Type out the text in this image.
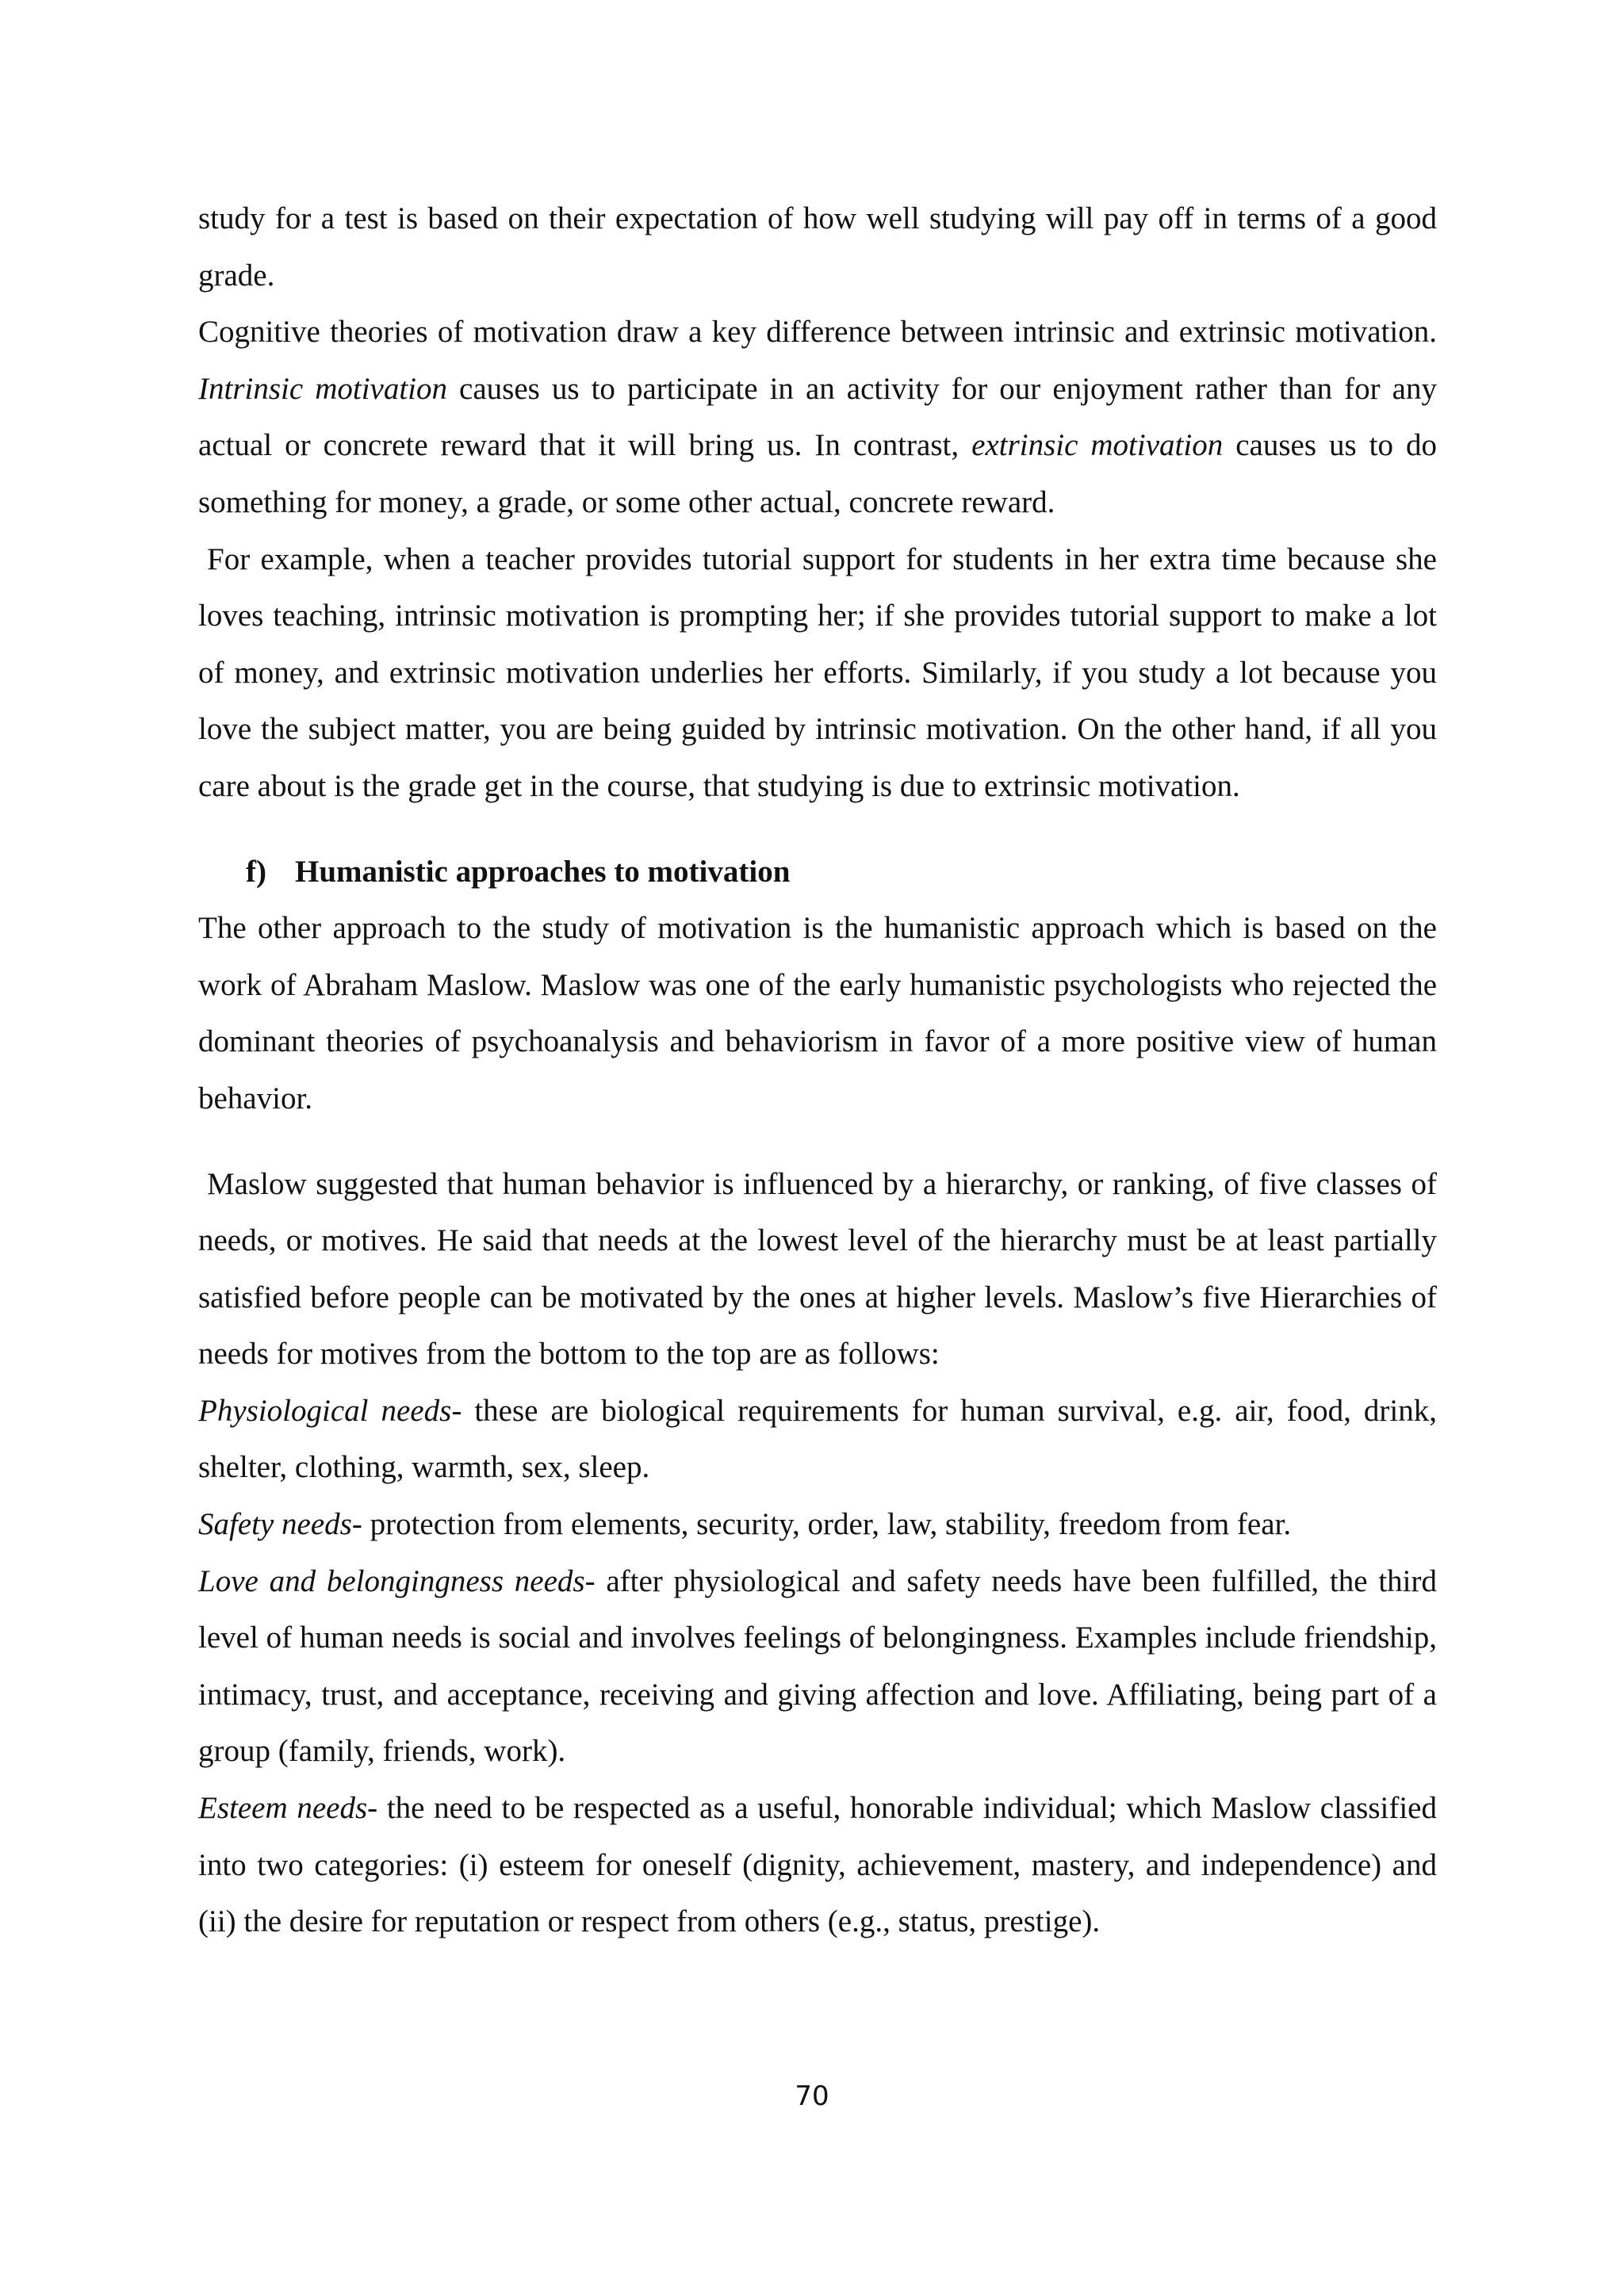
study for a test is based on their expectation of how well studying will pay off in terms of a good grade.

Cognitive theories of motivation draw a key difference between intrinsic and extrinsic motivation. Intrinsic motivation causes us to participate in an activity for our enjoyment rather than for any actual or concrete reward that it will bring us. In contrast, extrinsic motivation causes us to do something for money, a grade, or some other actual, concrete reward.

For example, when a teacher provides tutorial support for students in her extra time because she loves teaching, intrinsic motivation is prompting her; if she provides tutorial support to make a lot of money, and extrinsic motivation underlies her efforts. Similarly, if you study a lot because you love the subject matter, you are being guided by intrinsic motivation. On the other hand, if all you care about is the grade get in the course, that studying is due to extrinsic motivation.

f) Humanistic approaches to motivation

The other approach to the study of motivation is the humanistic approach which is based on the work of Abraham Maslow. Maslow was one of the early humanistic psychologists who rejected the dominant theories of psychoanalysis and behaviorism in favor of a more positive view of human behavior.

Maslow suggested that human behavior is influenced by a hierarchy, or ranking, of five classes of needs, or motives. He said that needs at the lowest level of the hierarchy must be at least partially satisfied before people can be motivated by the ones at higher levels. Maslow’s five Hierarchies of needs for motives from the bottom to the top are as follows:

Physiological needs- these are biological requirements for human survival, e.g. air, food, drink, shelter, clothing, warmth, sex, sleep.

Safety needs- protection from elements, security, order, law, stability, freedom from fear.

Love and belongingness needs- after physiological and safety needs have been fulfilled, the third level of human needs is social and involves feelings of belongingness. Examples include friendship, intimacy, trust, and acceptance, receiving and giving affection and love. Affiliating, being part of a group (family, friends, work).

Esteem needs- the need to be respected as a useful, honorable individual; which Maslow classified into two categories: (i) esteem for oneself (dignity, achievement, mastery, and independence) and (ii) the desire for reputation or respect from others (e.g., status, prestige).

70
